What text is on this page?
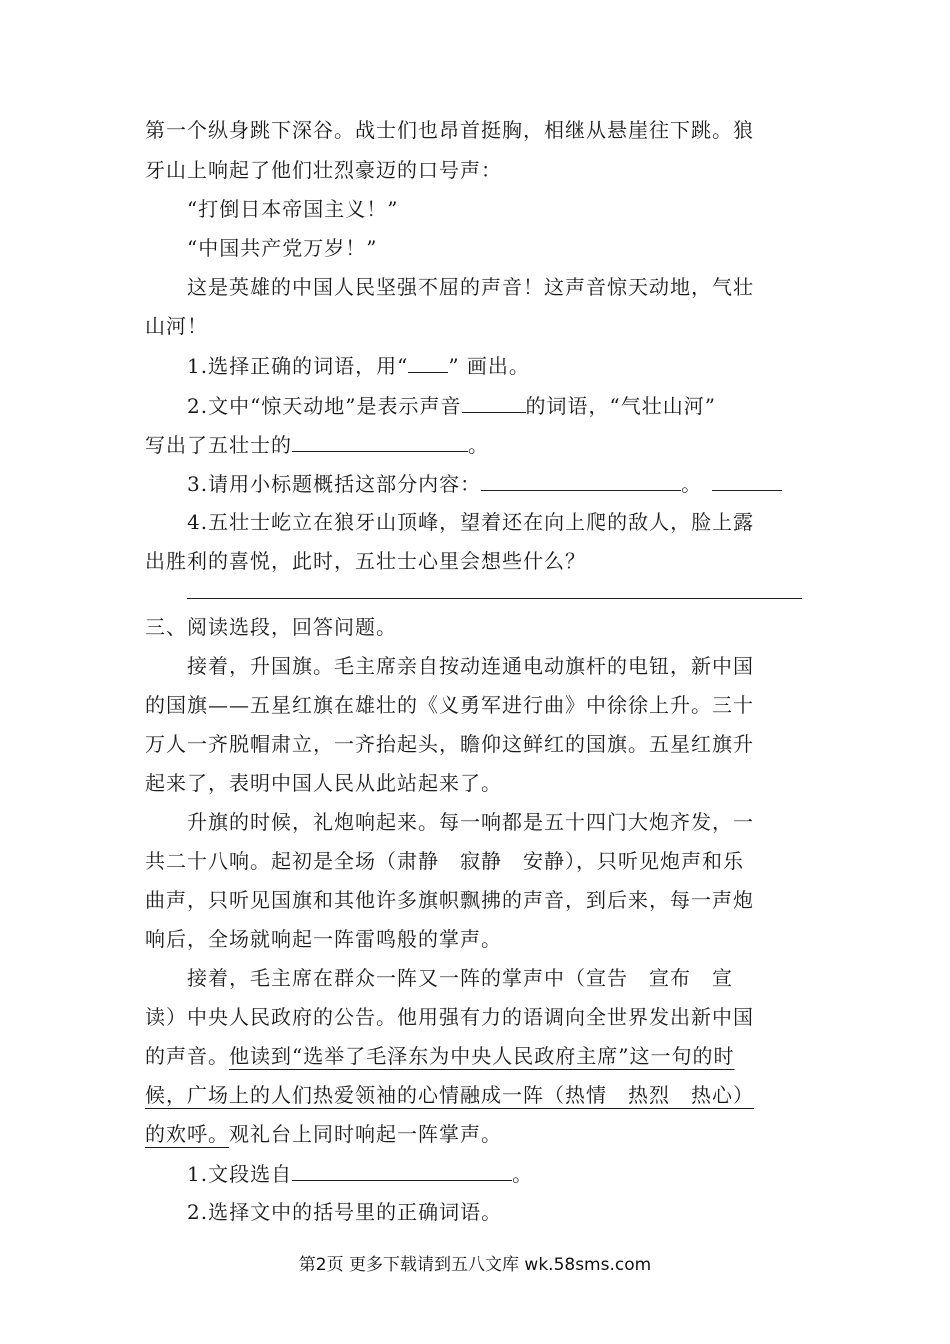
第一个纵身跳下深谷。战士们也昂首挺胸，相继从悬崖往下跳。狼
牙山上响起了他们壮烈豪迈的口号声：
“打倒日本帝国主义！”
“中国共产党万岁！”
这是英雄的中国人民坚强不屈的声音！这声音惊天动地，气壮
山河！
1.选择正确的词语，用“ ” 画出。
2.文中“惊天动地”是表示声音	的词语，“气壮山河”
写出了五壮士的	。
3.请用小标题概括这部分内容：	。
4.五壮士屹立在狼牙山顶峰，望着还在向上爬的敌人，脸上露
出胜利的喜悦，此时，五壮士心里会想些什么？
三、阅读选段，回答问题。
接着，升国旗。毛主席亲自按动连通电动旗杆的电钮，新中国
的国旗——五星红旗在雄壮的《义勇军进行曲》中徐徐上升。三十
万人一齐脱帽肃立，一齐抬起头，瞻仰这鲜红的国旗。五星红旗升
起来了，表明中国人民从此站起来了。
升旗的时候，礼炮响起来。每一响都是五十四门大炮齐发，一
共二十八响。起初是全场（肃静　寂静　安静），只听见炮声和乐
曲声，只听见国旗和其他许多旗帜飘拂的声音，到后来，每一声炮
响后，全场就响起一阵雷鸣般的掌声。
接着，毛主席在群众一阵又一阵的掌声中（宣告　宣布　宣
读）中央人民政府的公告。他用强有力的语调向全世界发出新中国
的声音。他读到“选举了毛泽东为中央人民政府主席”这一句的时
候，广场上的人们热爱领袖的心情融成一阵（热情　热烈　热心）
的欢呼。观礼台上同时响起一阵掌声。
1.文段选自	。
2.选择文中的括号里的正确词语。
第2页 更多下载请到五八文库 wk.58sms.com
